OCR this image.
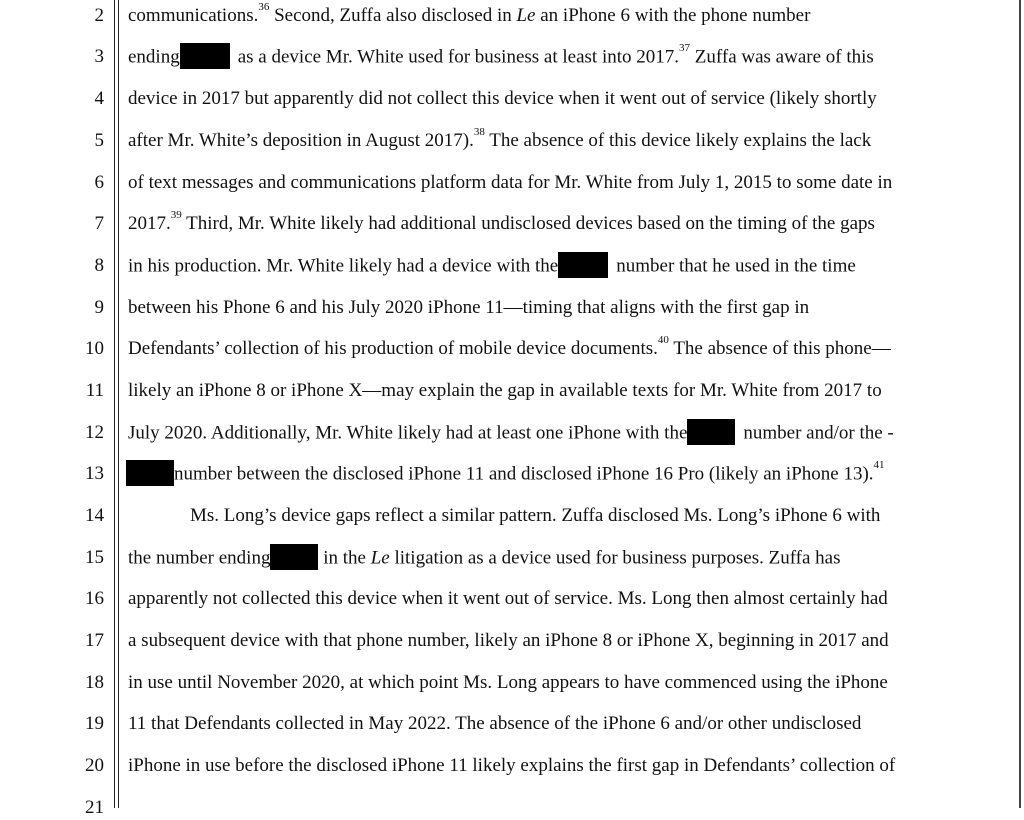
2
3
4
5
6
7
8
9
10
11
12
13
14
15
16
17
18
19
20
21
communications.$^{36}$ Second, Zuffa also disclosed in Le an iPhone 6 with the phone number
ending	as a device Mr. White used for business at least into 2017.37 Zuffa was aware of this
device in 2017 but apparently did not collect this device when it went out of service (likely shortly
after Mr. White’s deposition in August 2017).$^{38}$ The absence of this device likely explains the lack
of text messages and communications platform data for Mr. White from July 1, 2015 to some date in
2017.39 Third, Mr. White likely had additional undisclosed devices based on the timing of the gaps
in his production. Mr. White likely had a device with the	number that he used in the time
between his Phone 6 and his July 2020 iPhone 11—timing that aligns with the first gap in
Defendants’ collection of his production of mobile device documents.$^{40}$ The absence of this phone—
likely an iPhone 8 or iPhone X—may explain the gap in available texts for Mr. White from 2017 to
July 2020. Additionally, Mr. White likely had at least one iPhone with the	number and/or the -
number between the disclosed iPhone 11 and disclosed iPhone 16 Pro (likely an iPhone 13).$^{41}$
Ms. Long’s device gaps reflect a similar pattern. Zuffa disclosed Ms. Long’s iPhone 6 with
the number ending	in the Le litigation as a device used for business purposes. Zuffa has
apparently not collected this device when it went out of service. Ms. Long then almost certainly had
a subsequent device with that phone number, likely an iPhone 8 or iPhone X, beginning in 2017 and
in use until November 2020, at which point Ms. Long appears to have commenced using the iPhone
11 that Defendants collected in May 2022. The absence of the iPhone 6 and/or other undisclosed
iPhone in use before the disclosed iPhone 11 likely explains the first gap in Defendants’ collection of
